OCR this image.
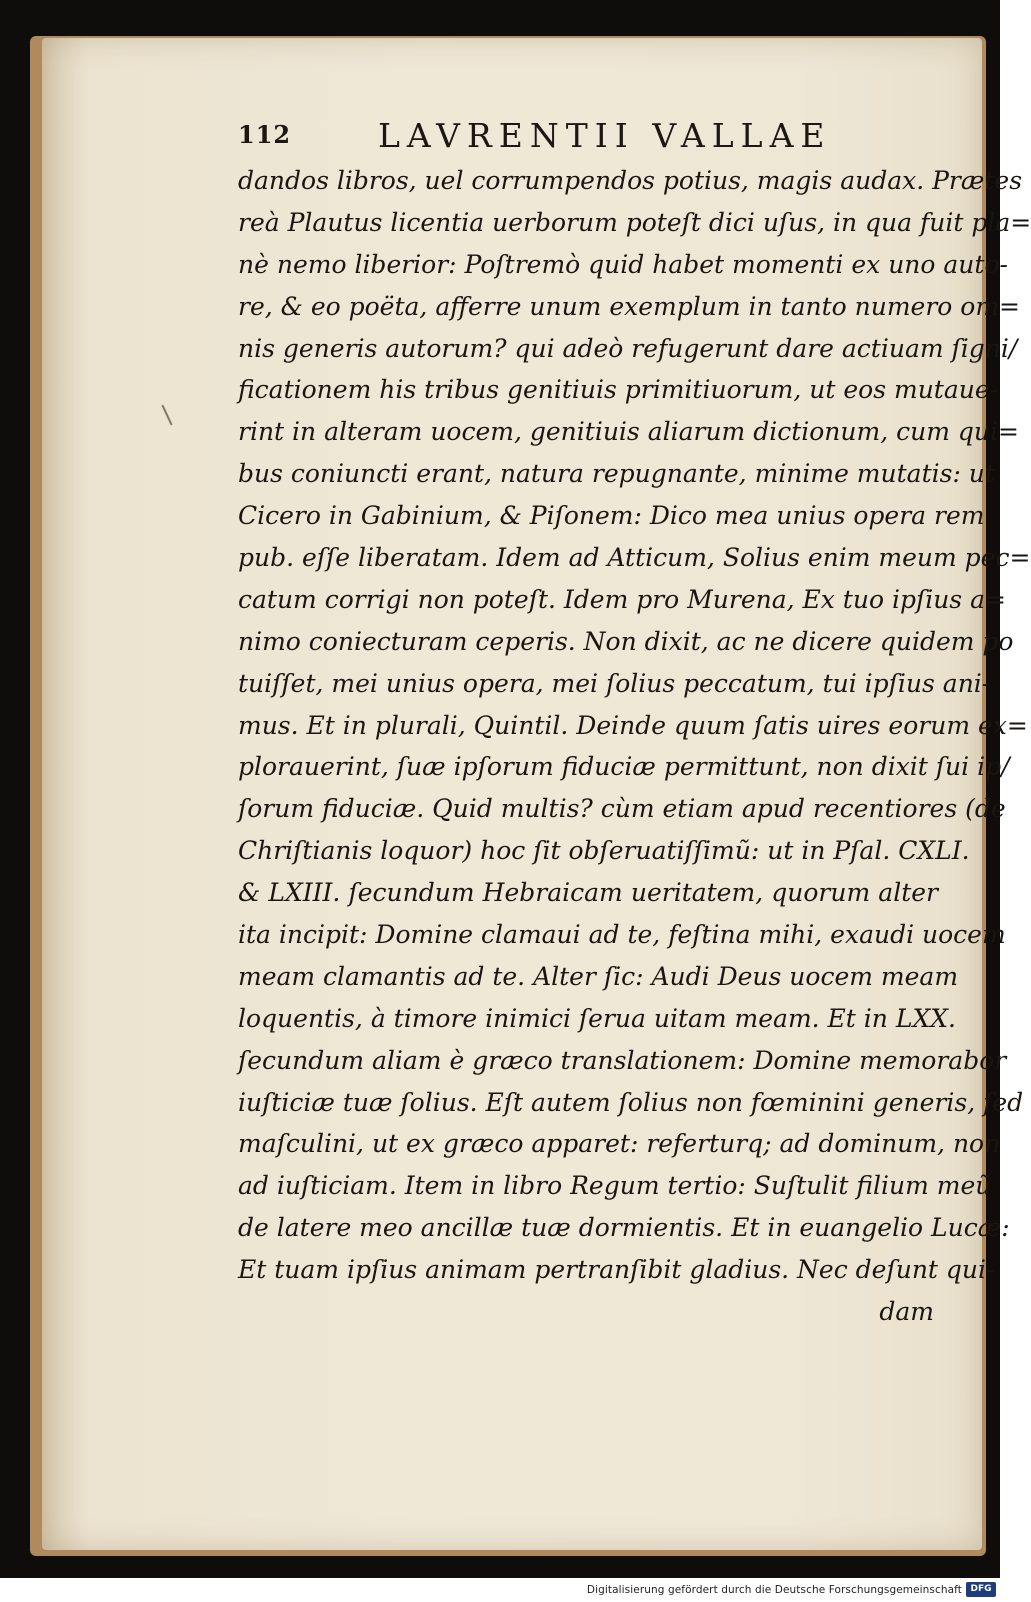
112	LAVRENTII VALLAE
dandos libros, uel corrumpendos potius, magis audax. Prætes
reà Plautus licentia uerborum poteſt dici uſus, in qua fuit pla=
nè nemo liberior: Poſtremò quid habet momenti ex uno auto-
re, & eo poëta, afferre unum exemplum in tanto numero om=
nis generis autorum? qui adeò refugerunt dare actiuam ſigni/
ficationem his tribus genitiuis primitiuorum, ut eos mutaue-
rint in alteram uocem, genitiuis aliarum dictionum, cum qui=
bus coniuncti erant, natura repugnante, minime mutatis: ut
Cicero in Gabinium, & Piſonem: Dico mea unius opera rem
pub. eſſe liberatam. Idem ad Atticum, Solius enim meum pec=
catum corrigi non poteſt. Idem pro Murena, Ex tuo ipſius a=
nimo coniecturam ceperis. Non dixit, ac ne dicere quidem po
tuiſſet, mei unius opera, mei ſolius peccatum, tui ipſius ani-
mus. Et in plurali, Quintil. Deinde quum ſatis uires eorum ex=
plorauerint, ſuæ ipſorum fiduciæ permittunt, non dixit ſui ip/
ſorum fiduciæ. Quid multis? cùm etiam apud recentiores (de
Chriſtianis loquor) hoc ſit obſeruatiſſimũ: ut in Pſal. CXLI.
& LXIII. ſecundum Hebraicam ueritatem, quorum alter
ita incipit: Domine clamaui ad te, feſtina mihi, exaudi uocem
meam clamantis ad te. Alter ſic: Audi Deus uocem meam
loquentis, à timore inimici ſerua uitam meam. Et in LXX.
ſecundum aliam è græco translationem: Domine memorabor
iuſticiæ tuæ ſolius. Eſt autem ſolius non fœminini generis, ſed
maſculini, ut ex græco apparet: referturq; ad dominum, non
ad iuſticiam. Item in libro Regum tertio: Suſtulit filium meũ
de latere meo ancillæ tuæ dormientis. Et in euangelio Lucæ:
Et tuam ipſius animam pertranſibit gladius. Nec deſunt qui-
dam
Digitalisierung gefördert durch die Deutsche Forschungsgemeinschaft DFG
